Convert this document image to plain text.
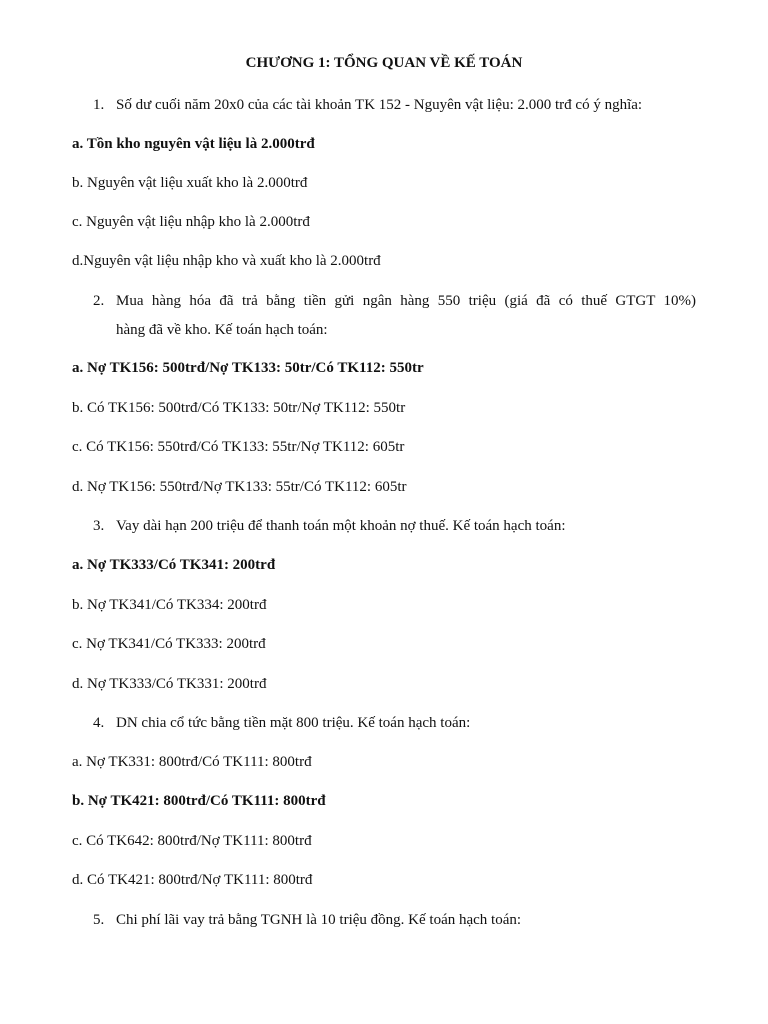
CHƯƠNG 1: TỔNG QUAN VỀ KẾ TOÁN
1. Số dư cuối năm 20x0 của các tài khoản TK 152 - Nguyên vật liệu: 2.000 trđ có ý nghĩa:
a. Tồn kho nguyên vật liệu là 2.000trđ
b. Nguyên vật liệu xuất kho là 2.000trđ
c. Nguyên vật liệu nhập kho là 2.000trđ
d.Nguyên vật liệu nhập kho và xuất kho là 2.000trđ
2. Mua hàng hóa đã trả bằng tiền gửi ngân hàng 550 triệu (giá đã có thuế GTGT 10%)
hàng đã về kho. Kế toán hạch toán:
a. Nợ TK156: 500trđ/Nợ TK133: 50tr/Có TK112: 550tr
b. Có TK156: 500trđ/Có TK133: 50tr/Nợ TK112: 550tr
c. Có TK156: 550trđ/Có TK133: 55tr/Nợ TK112: 605tr
d. Nợ TK156: 550trđ/Nợ TK133: 55tr/Có TK112: 605tr
3. Vay dài hạn 200 triệu để thanh toán một khoản nợ thuế. Kế toán hạch toán:
a. Nợ TK333/Có TK341: 200trđ
b. Nợ TK341/Có TK334: 200trđ
c. Nợ TK341/Có TK333: 200trđ
d. Nợ TK333/Có TK331: 200trđ
4. DN chia cổ tức bằng tiền mặt 800 triệu. Kế toán hạch toán:
a. Nợ TK331: 800trđ/Có TK111: 800trđ
b. Nợ TK421: 800trđ/Có TK111: 800trđ
c. Có TK642: 800trđ/Nợ TK111: 800trđ
d. Có TK421: 800trđ/Nợ TK111: 800trđ
5. Chi phí lãi vay trả bằng TGNH là 10 triệu đồng. Kế toán hạch toán:
